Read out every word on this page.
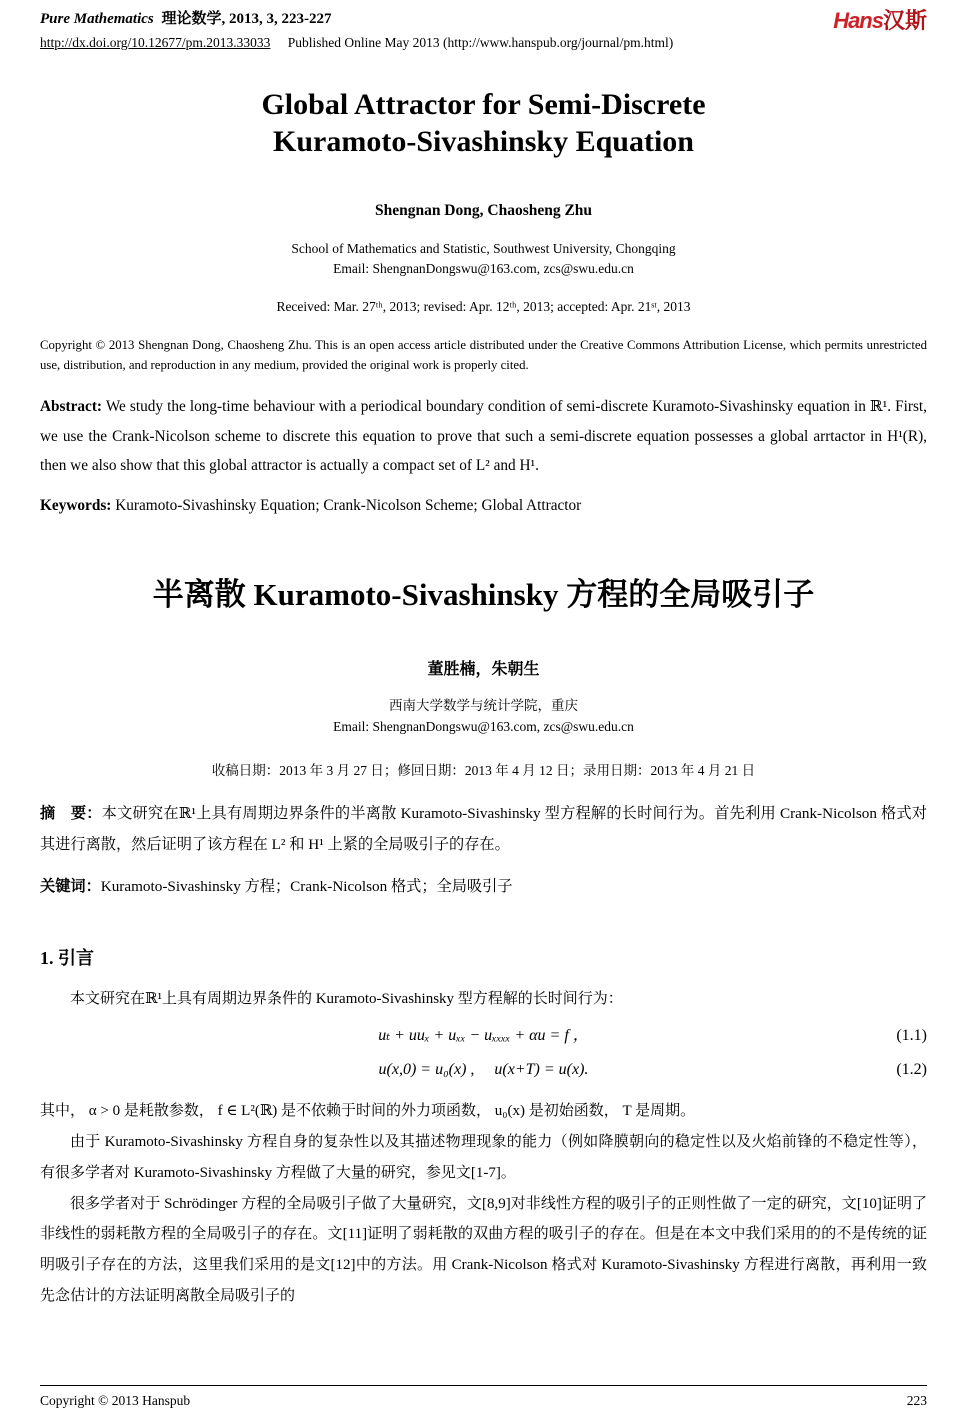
Pure Mathematics 理论数学, 2013, 3, 223-227	Hans汉斯
http://dx.doi.org/10.12677/pm.2013.33033 Published Online May 2013 (http://www.hanspub.org/journal/pm.html)
Global Attractor for Semi-Discrete
Kuramoto-Sivashinsky Equation

Shengnan Dong, Chaosheng Zhu

School of Mathematics and Statistic, Southwest University, Chongqing
Email: ShengnanDongswu@163.com, zcs@swu.edu.cn

Received: Mar. 27ᵗʰ, 2013; revised: Apr. 12ᵗʰ, 2013; accepted: Apr. 21ˢᵗ, 2013

Copyright © 2013 Shengnan Dong, Chaosheng Zhu. This is an open access article distributed under the Creative Commons Attribution License, which permits unrestricted use, distribution, and reproduction in any medium, provided the original work is properly cited.

Abstract: We study the long-time behaviour with a periodical boundary condition of semi-discrete Kuramoto-Sivashinsky equation in ℝ¹. First, we use the Crank-Nicolson scheme to discrete this equation to prove that such a semi-discrete equation possesses a global arrtactor in H¹(R), then we also show that this global attractor is actually a compact set of L² and H¹.

Keywords: Kuramoto-Sivashinsky Equation; Crank-Nicolson Scheme; Global Attractor

半离散 Kuramoto-Sivashinsky 方程的全局吸引子

董胜楠，朱朝生

西南大学数学与统计学院，重庆
Email: ShengnanDongswu@163.com, zcs@swu.edu.cn

收稿日期：2013 年 3 月 27 日；修回日期：2013 年 4 月 12 日；录用日期：2013 年 4 月 21 日

摘　要：本文研究在ℝ¹上具有周期边界条件的半离散 Kuramoto-Sivashinsky 型方程解的长时间行为。首先利用 Crank-Nicolson 格式对其进行离散，然后证明了该方程在 L² 和 H¹ 上紧的全局吸引子的存在。

关键词：Kuramoto-Sivashinsky 方程；Crank-Nicolson 格式；全局吸引子

1. 引言

本文研究在ℝ¹上具有周期边界条件的 Kuramoto-Sivashinsky 型方程解的长时间行为：

uₜ + uuₓ + uₓₓ − uₓₓₓₓ + αu = f ，	(1.1)
u(x,0) = u₀(x) ,　 u(x+T) = u(x).	(1.2)

其中， α > 0 是耗散参数， f ∈ L²(ℝ) 是不依赖于时间的外力项函数， u₀(x) 是初始函数， T 是周期。

由于 Kuramoto-Sivashinsky 方程自身的复杂性以及其描述物理现象的能力（例如降膜朝向的稳定性以及火焰前锋的不稳定性等），有很多学者对 Kuramoto-Sivashinsky 方程做了大量的研究，参见文[1-7]。

很多学者对于 Schrödinger 方程的全局吸引子做了大量研究，文[8,9]对非线性方程的吸引子的正则性做了一定的研究，文[10]证明了非线性的弱耗散方程的全局吸引子的存在。文[11]证明了弱耗散的双曲方程的吸引子的存在。但是在本文中我们采用的的不是传统的证明吸引子存在的方法，这里我们采用的是文[12]中的方法。用 Crank-Nicolson 格式对 Kuramoto-Sivashinsky 方程进行离散，再利用一致先念估计的方法证明离散全局吸引子的

Copyright © 2013 Hanspub	223
